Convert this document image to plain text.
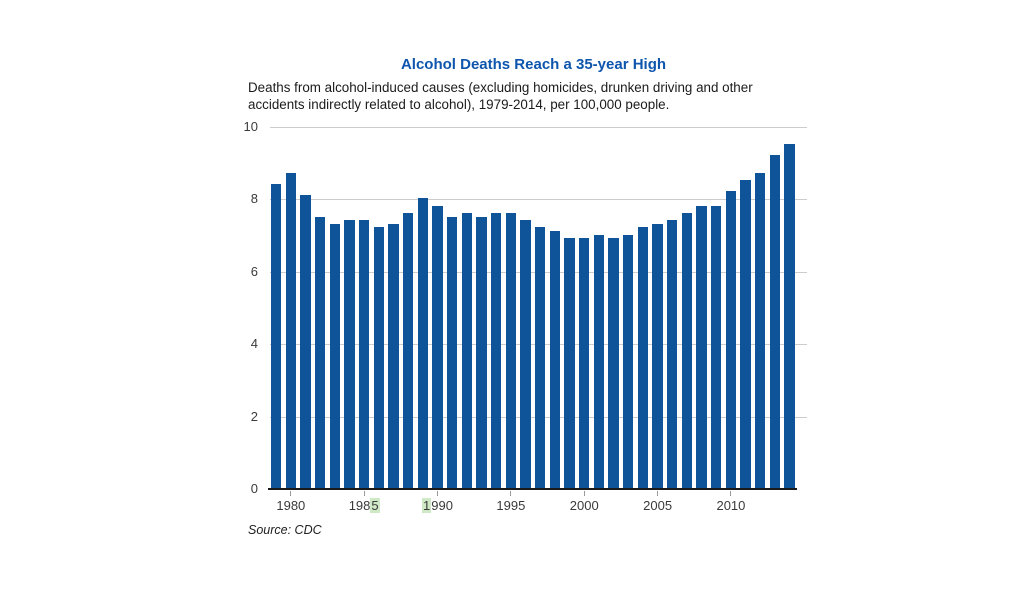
Alcohol Deaths Reach a 35-year High
Deaths from alcohol-induced causes (excluding homicides, drunken driving and other
accidents indirectly related to alcohol), 1979-2014, per 100,000 people.
0
2
4
6
8
10
1980	1985	1990	1995	2000	2005	2010
Source: CDC
